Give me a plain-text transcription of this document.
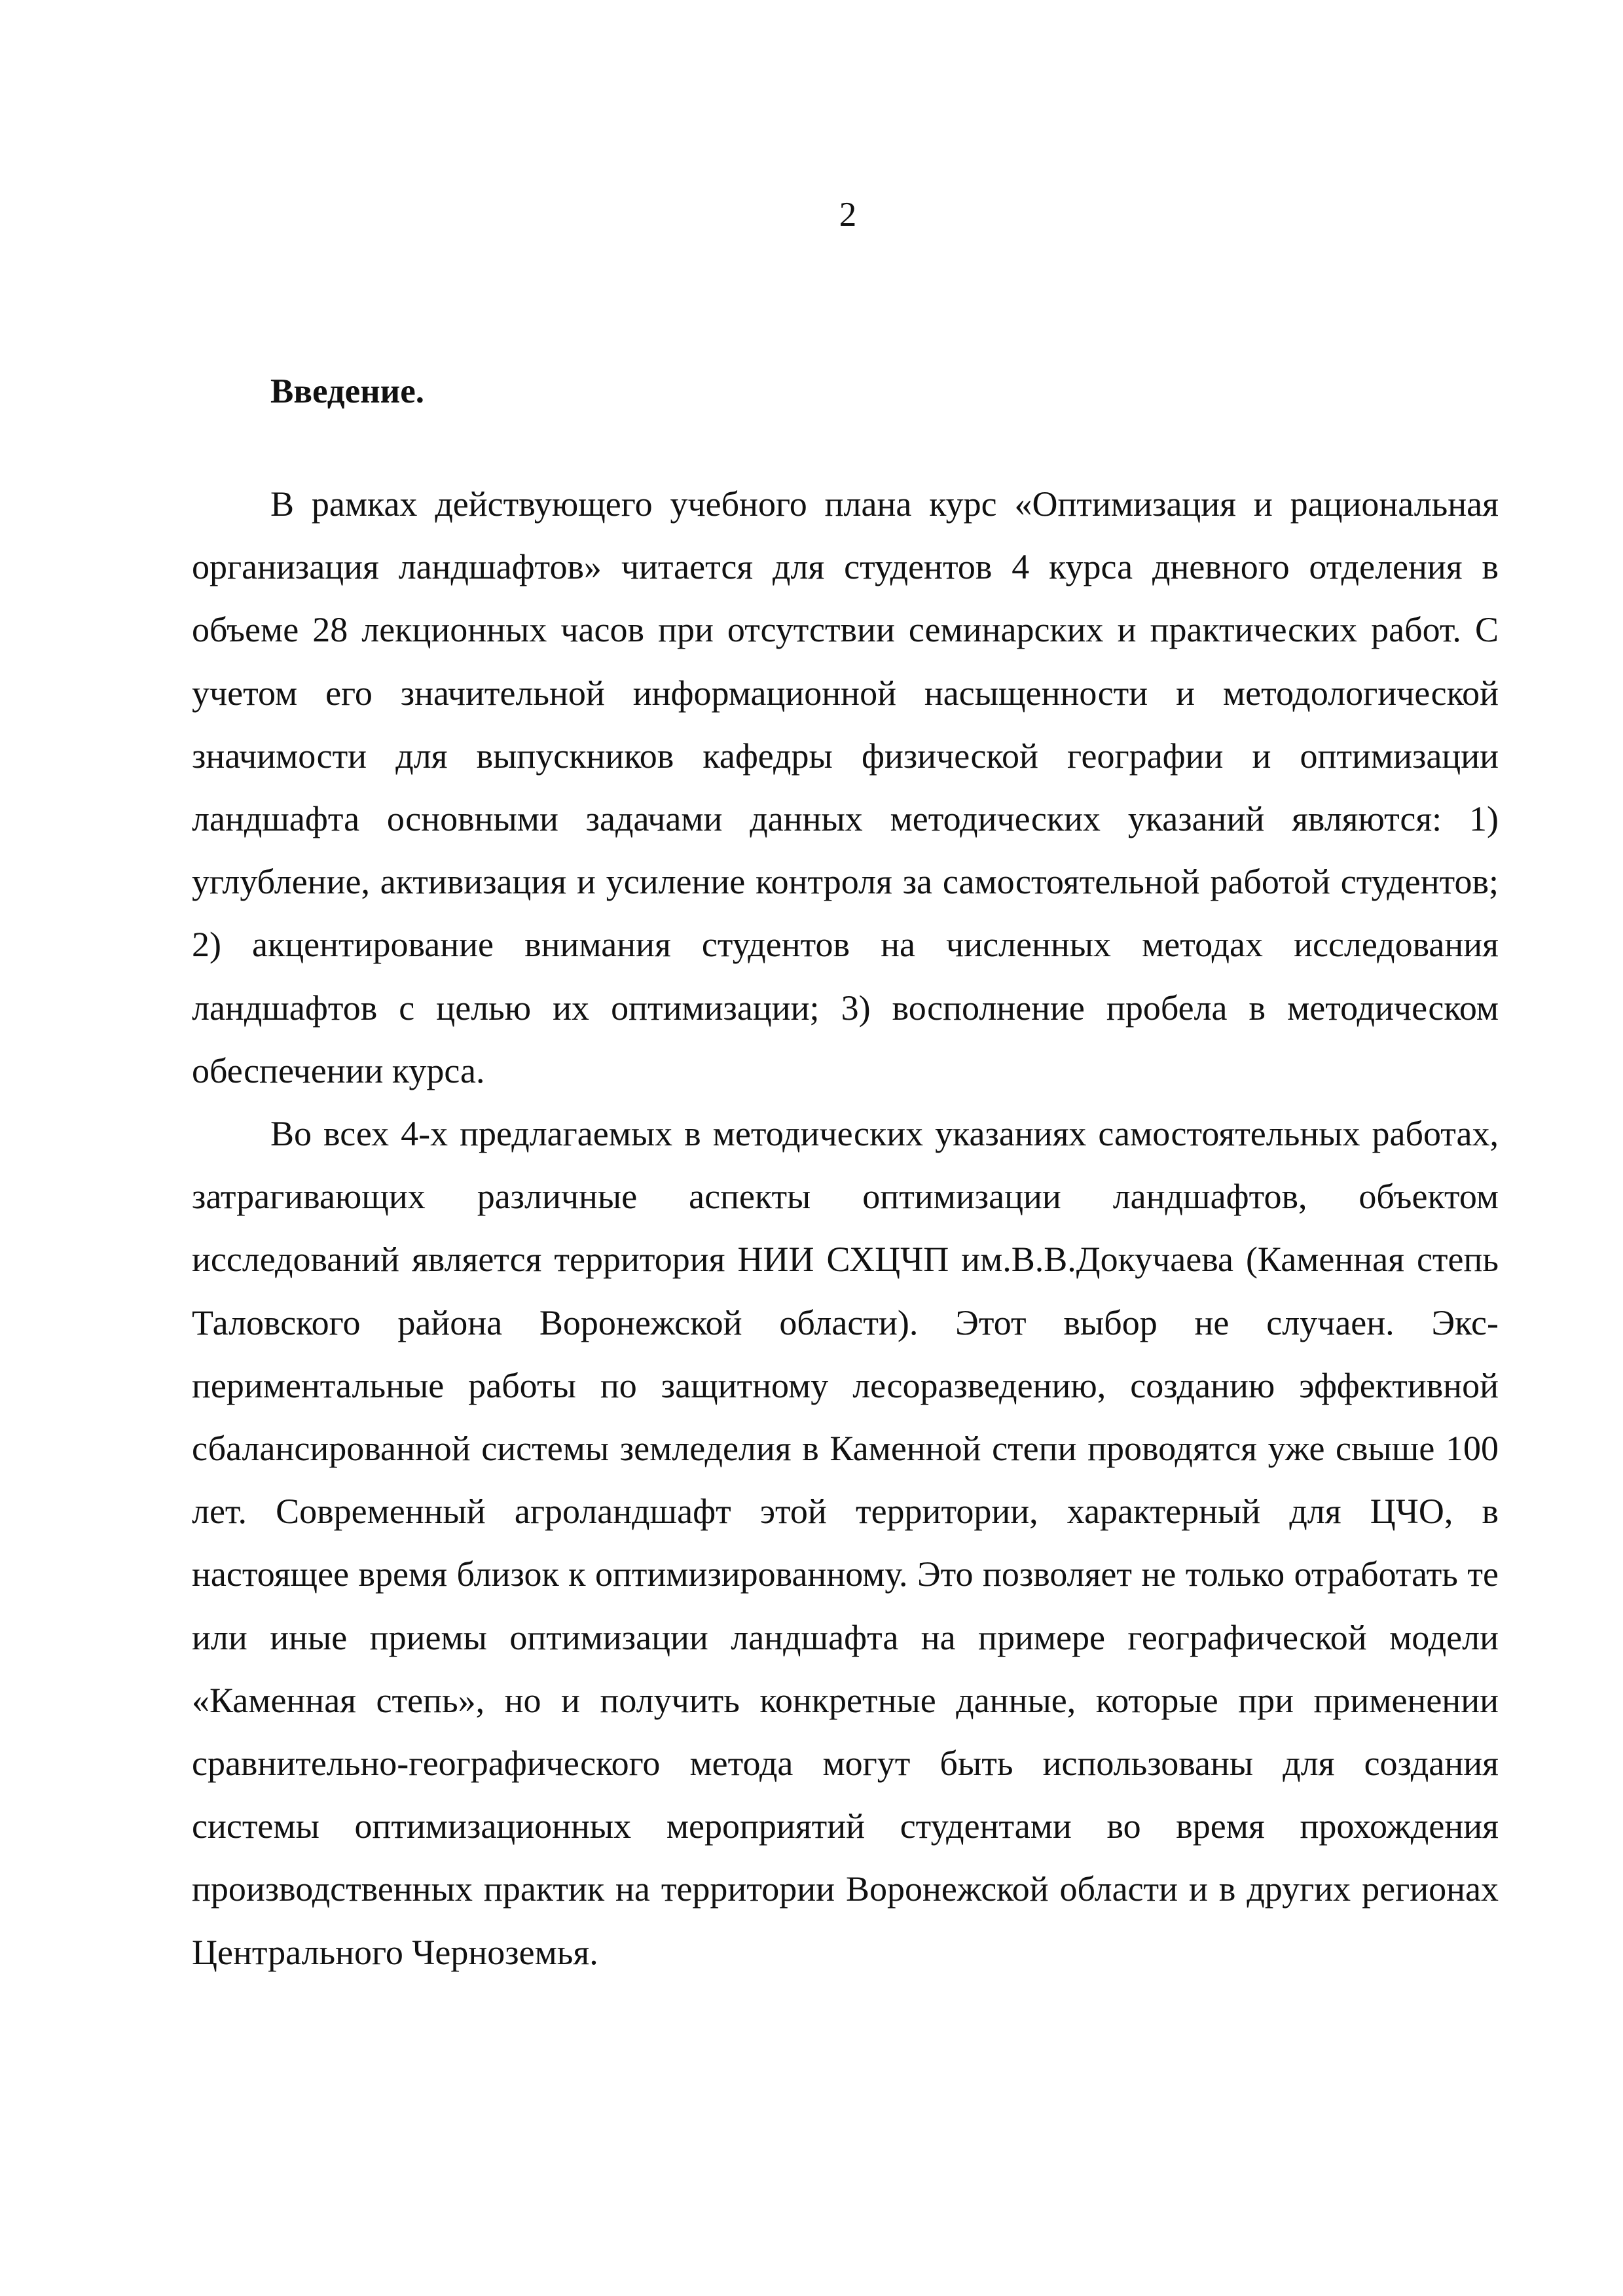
2
Введение.

В рамках действующего учебного плана курс «Оптимизация и рациональная организация ландшафтов» читается для студентов 4 курса дневного отделения в объеме 28 лекционных часов при отсутствии семинарских и практических работ. С учетом его значительной информационной насыщенности и методологической значимости для выпускников кафедры физической географии и оптимизации ландшафта основными задачами данных методических указаний являются: 1) углубление, активизация и усиление контроля за самостоятельной работой студентов; 2) акцентирование внимания студентов на численных методах исследования ландшафтов с целью их оптимизации; 3) восполнение пробела в методическом обеспечении курса.

Во всех 4-х предлагаемых в методических указаниях самостоятельных работах, затрагивающих различные аспекты оптимизации ландшафтов, объектом исследований является территория НИИ СХЦЧП им.В.В.Докучаева (Каменная степь Таловского района Воронежской области). Этот выбор не случаен. Экспериментальные работы по защитному лесоразведению, созданию эффективной сбалансированной системы земледелия в Каменной степи проводятся уже свыше 100 лет. Современный агроландшафт этой территории, характерный для ЦЧО, в настоящее время близок к оптимизированному. Это позволяет не только отработать те или иные приемы оптимизации ландшафта на примере географической модели «Каменная степь», но и получить конкретные данные, которые при применении сравнительно-географического метода могут быть использованы для создания системы оптимизационных мероприятий студентами во время прохождения производственных практик на территории Воронежской области и в других регионах Центрального Черноземья.
